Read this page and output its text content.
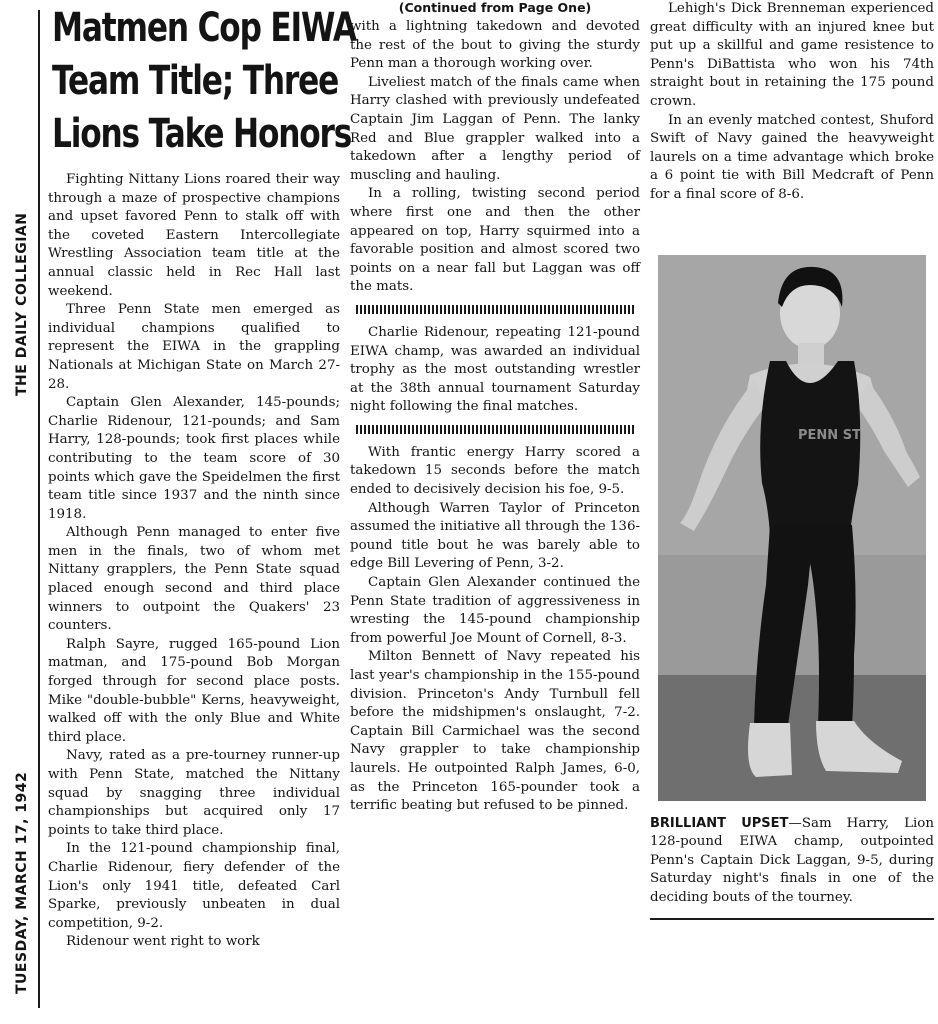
TUESDAY, MARCH 17, 1942
THE DAILY COLLEGIAN
Matmen Cop EIWA
Team Title; Three
Lions Take Honors

Fighting Nittany Lions roared their way through a maze of prospective champions and upset favored Penn to stalk off with the coveted Eastern Intercollegiate Wrestling Association team title at the annual classic held in Rec Hall last weekend.

Three Penn State men emerged as individual champions qualified to represent the EIWA in the grappling Nationals at Michigan State on March 27-28.

Captain Glen Alexander, 145-pounds; Charlie Ridenour, 121-pounds; and Sam Harry, 128-pounds; took first places while contributing to the team score of 30 points which gave the Speidelmen the first team title since 1937 and the ninth since 1918.

Although Penn managed to enter five men in the finals, two of whom met Nittany grapplers, the Penn State squad placed enough second and third place winners to outpoint the Quakers' 23 counters.

Ralph Sayre, rugged 165-pound Lion matman, and 175-pound Bob Morgan forged through for second place posts. Mike "double-bubble" Kerns, heavyweight, walked off with the only Blue and White third place.

Navy, rated as a pre-tourney runner-up with Penn State, matched the Nittany squad by snagging three individual championships but acquired only 17 points to take third place.

In the 121-pound championship final, Charlie Ridenour, fiery defender of the Lion's only 1941 title, defeated Carl Sparke, previously unbeaten in dual competition, 9-2.

Ridenour went right to work

(Continued from Page One)

with a lightning takedown and devoted the rest of the bout to giving the sturdy Penn man a thorough working over.

Liveliest match of the finals came when Harry clashed with previously undefeated Captain Jim Laggan of Penn. The lanky Red and Blue grappler walked into a takedown after a lengthy period of muscling and hauling.

In a rolling, twisting second period where first one and then the other appeared on top, Harry squirmed into a favorable position and almost scored two points on a near fall but Laggan was off the mats.

Charlie Ridenour, repeating 121-pound EIWA champ, was awarded an individual trophy as the most outstanding wrestler at the 38th annual tournament Saturday night following the final matches.

With frantic energy Harry scored a takedown 15 seconds before the match ended to decisively decision his foe, 9-5.

Although Warren Taylor of Princeton assumed the initiative all through the 136-pound title bout he was barely able to edge Bill Levering of Penn, 3-2.

Captain Glen Alexander continued the Penn State tradition of aggressiveness in wresting the 145-pound championship from powerful Joe Mount of Cornell, 8-3.

Milton Bennett of Navy repeated his last year's championship in the 155-pound division. Princeton's Andy Turnbull fell before the midshipmen's onslaught, 7-2. Captain Bill Carmichael was the second Navy grappler to take championship laurels. He outpointed Ralph James, 6-0, as the Princeton 165-pounder took a terrific beating but refused to be pinned.

Lehigh's Dick Brenneman experienced great difficulty with an injured knee but put up a skillful and game resistence to Penn's DiBattista who won his 74th straight bout in retaining the 175 pound crown.

In an evenly matched contest, Shuford Swift of Navy gained the heavyweight laurels on a time advantage which broke a 6 point tie with Bill Medcraft of Penn for a final score of 8-6.

PENN ST

BRILLIANT UPSET—Sam Harry, Lion 128-pound EIWA champ, outpointed Penn's Captain Dick Laggan, 9-5, during Saturday night's finals in one of the deciding bouts of the tourney.
